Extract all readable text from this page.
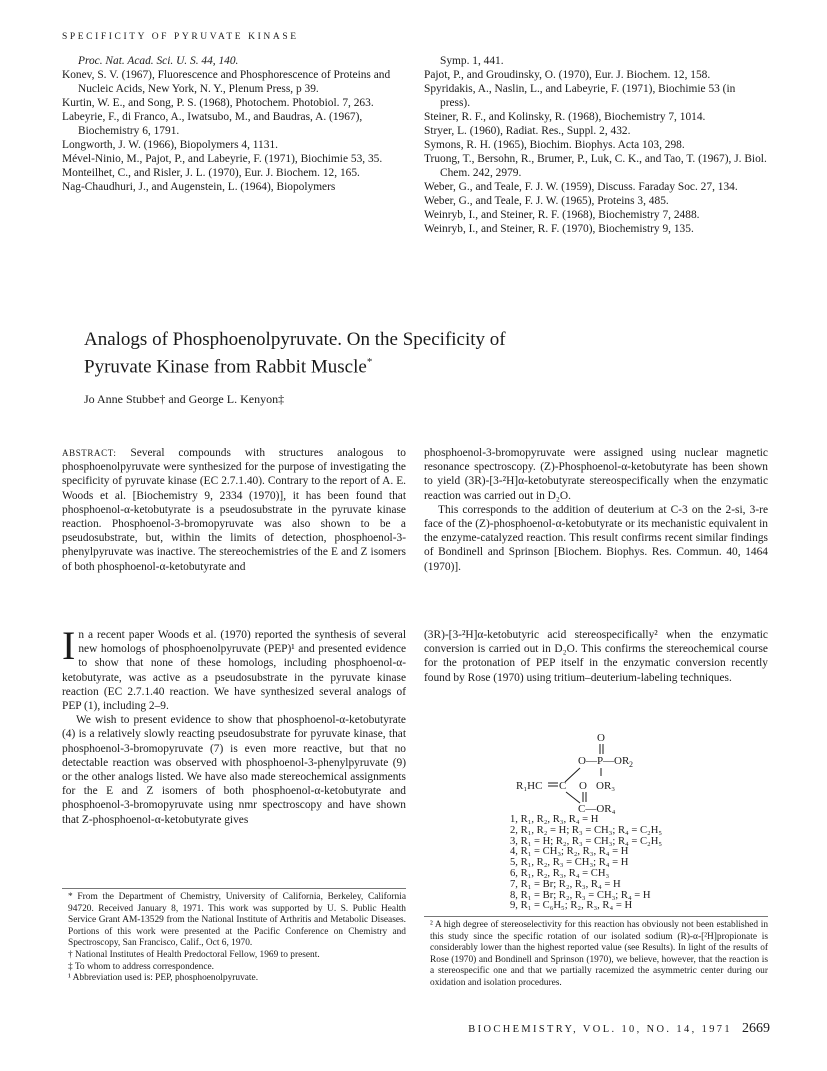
SPECIFICITY OF PYRUVATE KINASE

Proc. Nat. Acad. Sci. U. S. 44, 140.

Konev, S. V. (1967), Fluorescence and Phosphorescence of Proteins and Nucleic Acids, New York, N. Y., Plenum Press, p 39.

Kurtin, W. E., and Song, P. S. (1968), Photochem. Photobiol. 7, 263.

Labeyrie, F., di Franco, A., Iwatsubo, M., and Baudras, A. (1967), Biochemistry 6, 1791.

Longworth, J. W. (1966), Biopolymers 4, 1131.

Mével-Ninio, M., Pajot, P., and Labeyrie, F. (1971), Biochimie 53, 35.

Monteilhet, C., and Risler, J. L. (1970), Eur. J. Biochem. 12, 165.

Nag-Chaudhuri, J., and Augenstein, L. (1964), Biopolymers

Symp. 1, 441.

Pajot, P., and Groudinsky, O. (1970), Eur. J. Biochem. 12, 158.

Spyridakis, A., Naslin, L., and Labeyrie, F. (1971), Biochimie 53 (in press).

Steiner, R. F., and Kolinsky, R. (1968), Biochemistry 7, 1014.

Stryer, L. (1960), Radiat. Res., Suppl. 2, 432.

Symons, R. H. (1965), Biochim. Biophys. Acta 103, 298.

Truong, T., Bersohn, R., Brumer, P., Luk, C. K., and Tao, T. (1967), J. Biol. Chem. 242, 2979.

Weber, G., and Teale, F. J. W. (1959), Discuss. Faraday Soc. 27, 134.

Weber, G., and Teale, F. J. W. (1965), Proteins 3, 485.

Weinryb, I., and Steiner, R. F. (1968), Biochemistry 7, 2488.

Weinryb, I., and Steiner, R. F. (1970), Biochemistry 9, 135.

Analogs of Phosphoenolpyruvate. On the Specificity of
Pyruvate Kinase from Rabbit Muscle*
Jo Anne Stubbe† and George L. Kenyon‡

ABSTRACT: Several compounds with structures analogous to phosphoenolpyruvate were synthesized for the purpose of investigating the specificity of pyruvate kinase (EC 2.7.1.40). Contrary to the report of A. E. Woods et al. [Biochemistry 9, 2334 (1970)], it has been found that phosphoenol-α-ketobutyrate is a pseudosubstrate in the pyruvate kinase reaction. Phosphoenol-3-bromopyruvate was also shown to be a pseudosubstrate, but, within the limits of detection, phosphoenol-3-phenylpyruvate was inactive. The stereochemistries of the E and Z isomers of both phosphoenol-α-ketobutyrate and

phosphoenol-3-bromopyruvate were assigned using nuclear magnetic resonance spectroscopy. (Z)-Phosphoenol-α-ketobutyrate has been shown to yield (3R)-[3-²H]α-ketobutyrate stereospecifically when the enzymatic reaction was carried out in D₂O.

This corresponds to the addition of deuterium at C-3 on the 2-si, 3-re face of the (Z)-phosphoenol-α-ketobutyrate or its mechanistic equivalent in the enzyme-catalyzed reaction. This result confirms recent similar findings of Bondinell and Sprinson [Biochem. Biophys. Res. Commun. 40, 1464 (1970)].

In a recent paper Woods et al. (1970) reported the synthesis of several new homologs of phosphoenolpyruvate (PEP)¹ and presented evidence to show that none of these homologs, including phosphoenol-α-ketobutyrate, was active as a pseudosubstrate in the pyruvate kinase reaction (EC 2.7.1.40 reaction. We have synthesized several analogs of PEP (1), including 2–9.

We wish to present evidence to show that phosphoenol-α-ketobutyrate (4) is a relatively slowly reacting pseudosubstrate for pyruvate kinase, that phosphoenol-3-bromopyruvate (7) is even more reactive, but that no detectable reaction was observed with phosphoenol-3-phenylpyruvate (9) or the other analogs listed. We have also made stereochemical assignments for the E and Z isomers of both phosphoenol-α-ketobutyrate and phosphoenol-3-bromopyruvate using nmr spectroscopy and have shown that Z-phosphoenol-α-ketobutyrate gives

(3R)-[3-²H]α-ketobutyric acid stereospecifically² when the enzymatic conversion is carried out in D₂O. This confirms the stereochemical course for the protonation of PEP itself in the enzymatic conversion recently found by Rose (1970) using tritium–deuterium-labeling techniques.

O
O—P—OR 2
R₁HC C O OR₃
C—OR₄
1, R₁, R₂, R₃, R₄ = H
2, R₁, R₂ = H; R₃ = CH₃; R₄ = C₂H₅
3, R₁ = H; R₂, R₃ = CH₃; R₄ = C₂H₅
4, R₁ = CH₃; R₂, R₃, R₄ = H
5, R₁, R₂, R₃ = CH₃; R₄ = H
6, R₁, R₂, R₃, R₄ = CH₃
7, R₁ = Br; R₂, R₃, R₄ = H
8, R₁ = Br; R₂, R₃ = CH₃; R₄ = H
9, R₁ = C₆H₅; R₂, R₃, R₄ = H

* From the Department of Chemistry, University of California, Berkeley, California 94720. Received January 8, 1971. This work was supported by U. S. Public Health Service Grant AM-13529 from the National Institute of Arthritis and Metabolic Diseases. Portions of this work were presented at the Pacific Conference on Chemistry and Spectroscopy, San Francisco, Calif., Oct 6, 1970.

† National Institutes of Health Predoctoral Fellow, 1969 to present.

‡ To whom to address correspondence.

¹ Abbreviation used is: PEP, phosphoenolpyruvate.

² A high degree of stereoselectivity for this reaction has obviously not been established in this study since the specific rotation of our isolated sodium (R)-α-[²H]propionate is considerably lower than the highest reported value (see Results). In light of the results of Rose (1970) and Bondinell and Sprinson (1970), we believe, however, that the reaction is a stereospecific one and that we partially racemized the asymmetric center during our oxidation and isolation procedures.

BIOCHEMISTRY, VOL. 10, NO. 14, 1971 2669
